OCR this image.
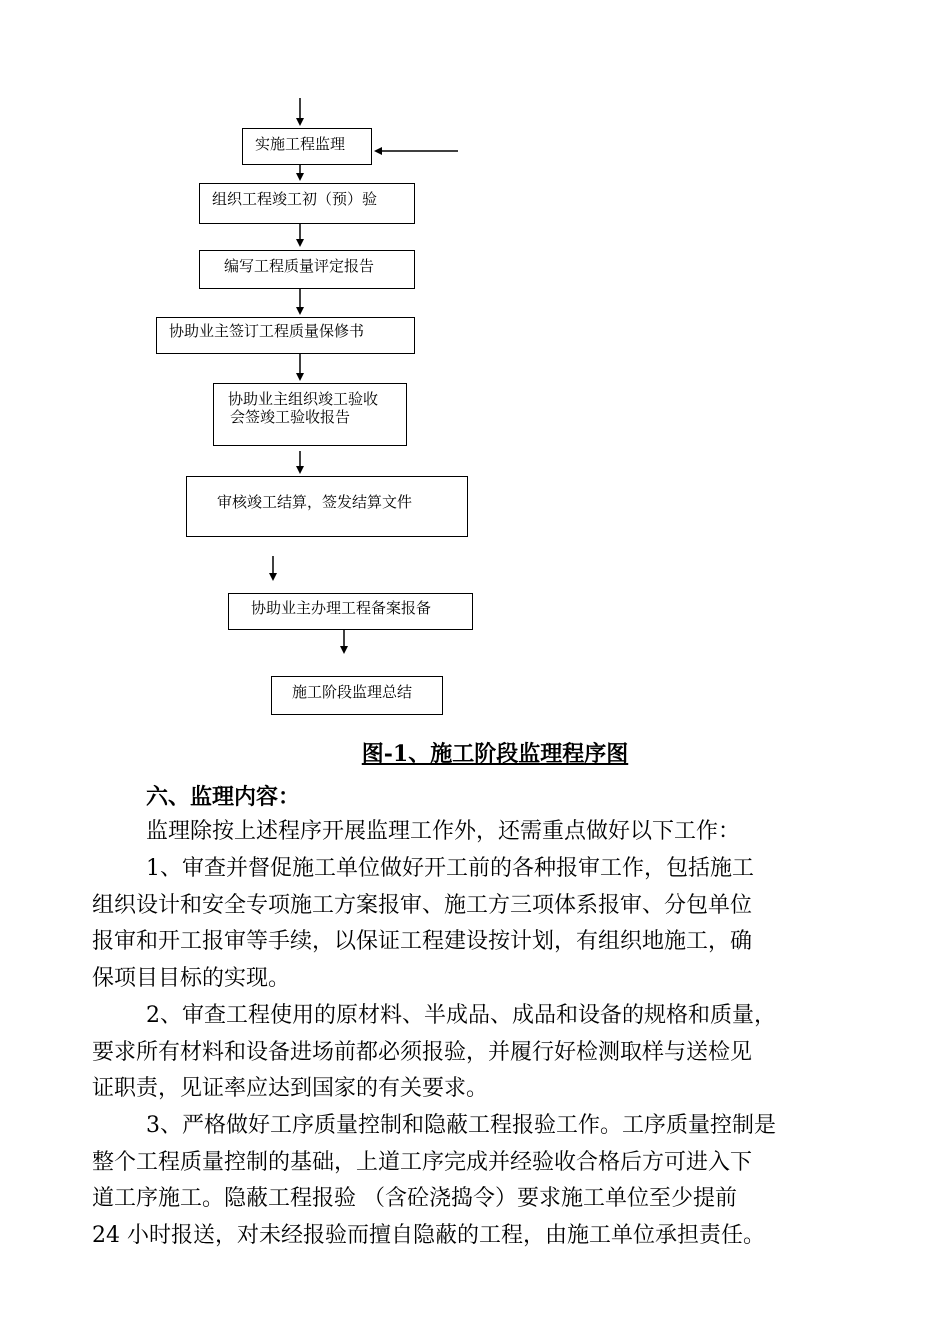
实施工程监理
组织工程竣工初（预）验
编写工程质量评定报告
协助业主签订工程质量保修书
协助业主组织竣工验收
会签竣工验收报告
审核竣工结算，签发结算文件
协助业主办理工程备案报备
施工阶段监理总结
图-1、施工阶段监理程序图
六、监理内容：
监理除按上述程序开展监理工作外，还需重点做好以下工作：
1、审查并督促施工单位做好开工前的各种报审工作，包括施工
组织设计和安全专项施工方案报审、施工方三项体系报审、分包单位
报审和开工报审等手续，以保证工程建设按计划，有组织地施工，确
保项目目标的实现。
2、审查工程使用的原材料、半成品、成品和设备的规格和质量，
要求所有材料和设备进场前都必须报验，并履行好检测取样与送检见
证职责，见证率应达到国家的有关要求。
3、严格做好工序质量控制和隐蔽工程报验工作。工序质量控制是
整个工程质量控制的基础，上道工序完成并经验收合格后方可进入下
道工序施工。隐蔽工程报验 （含砼浇捣令）要求施工单位至少提前
24 小时报送，对未经报验而擅自隐蔽的工程，由施工单位承担责任。
